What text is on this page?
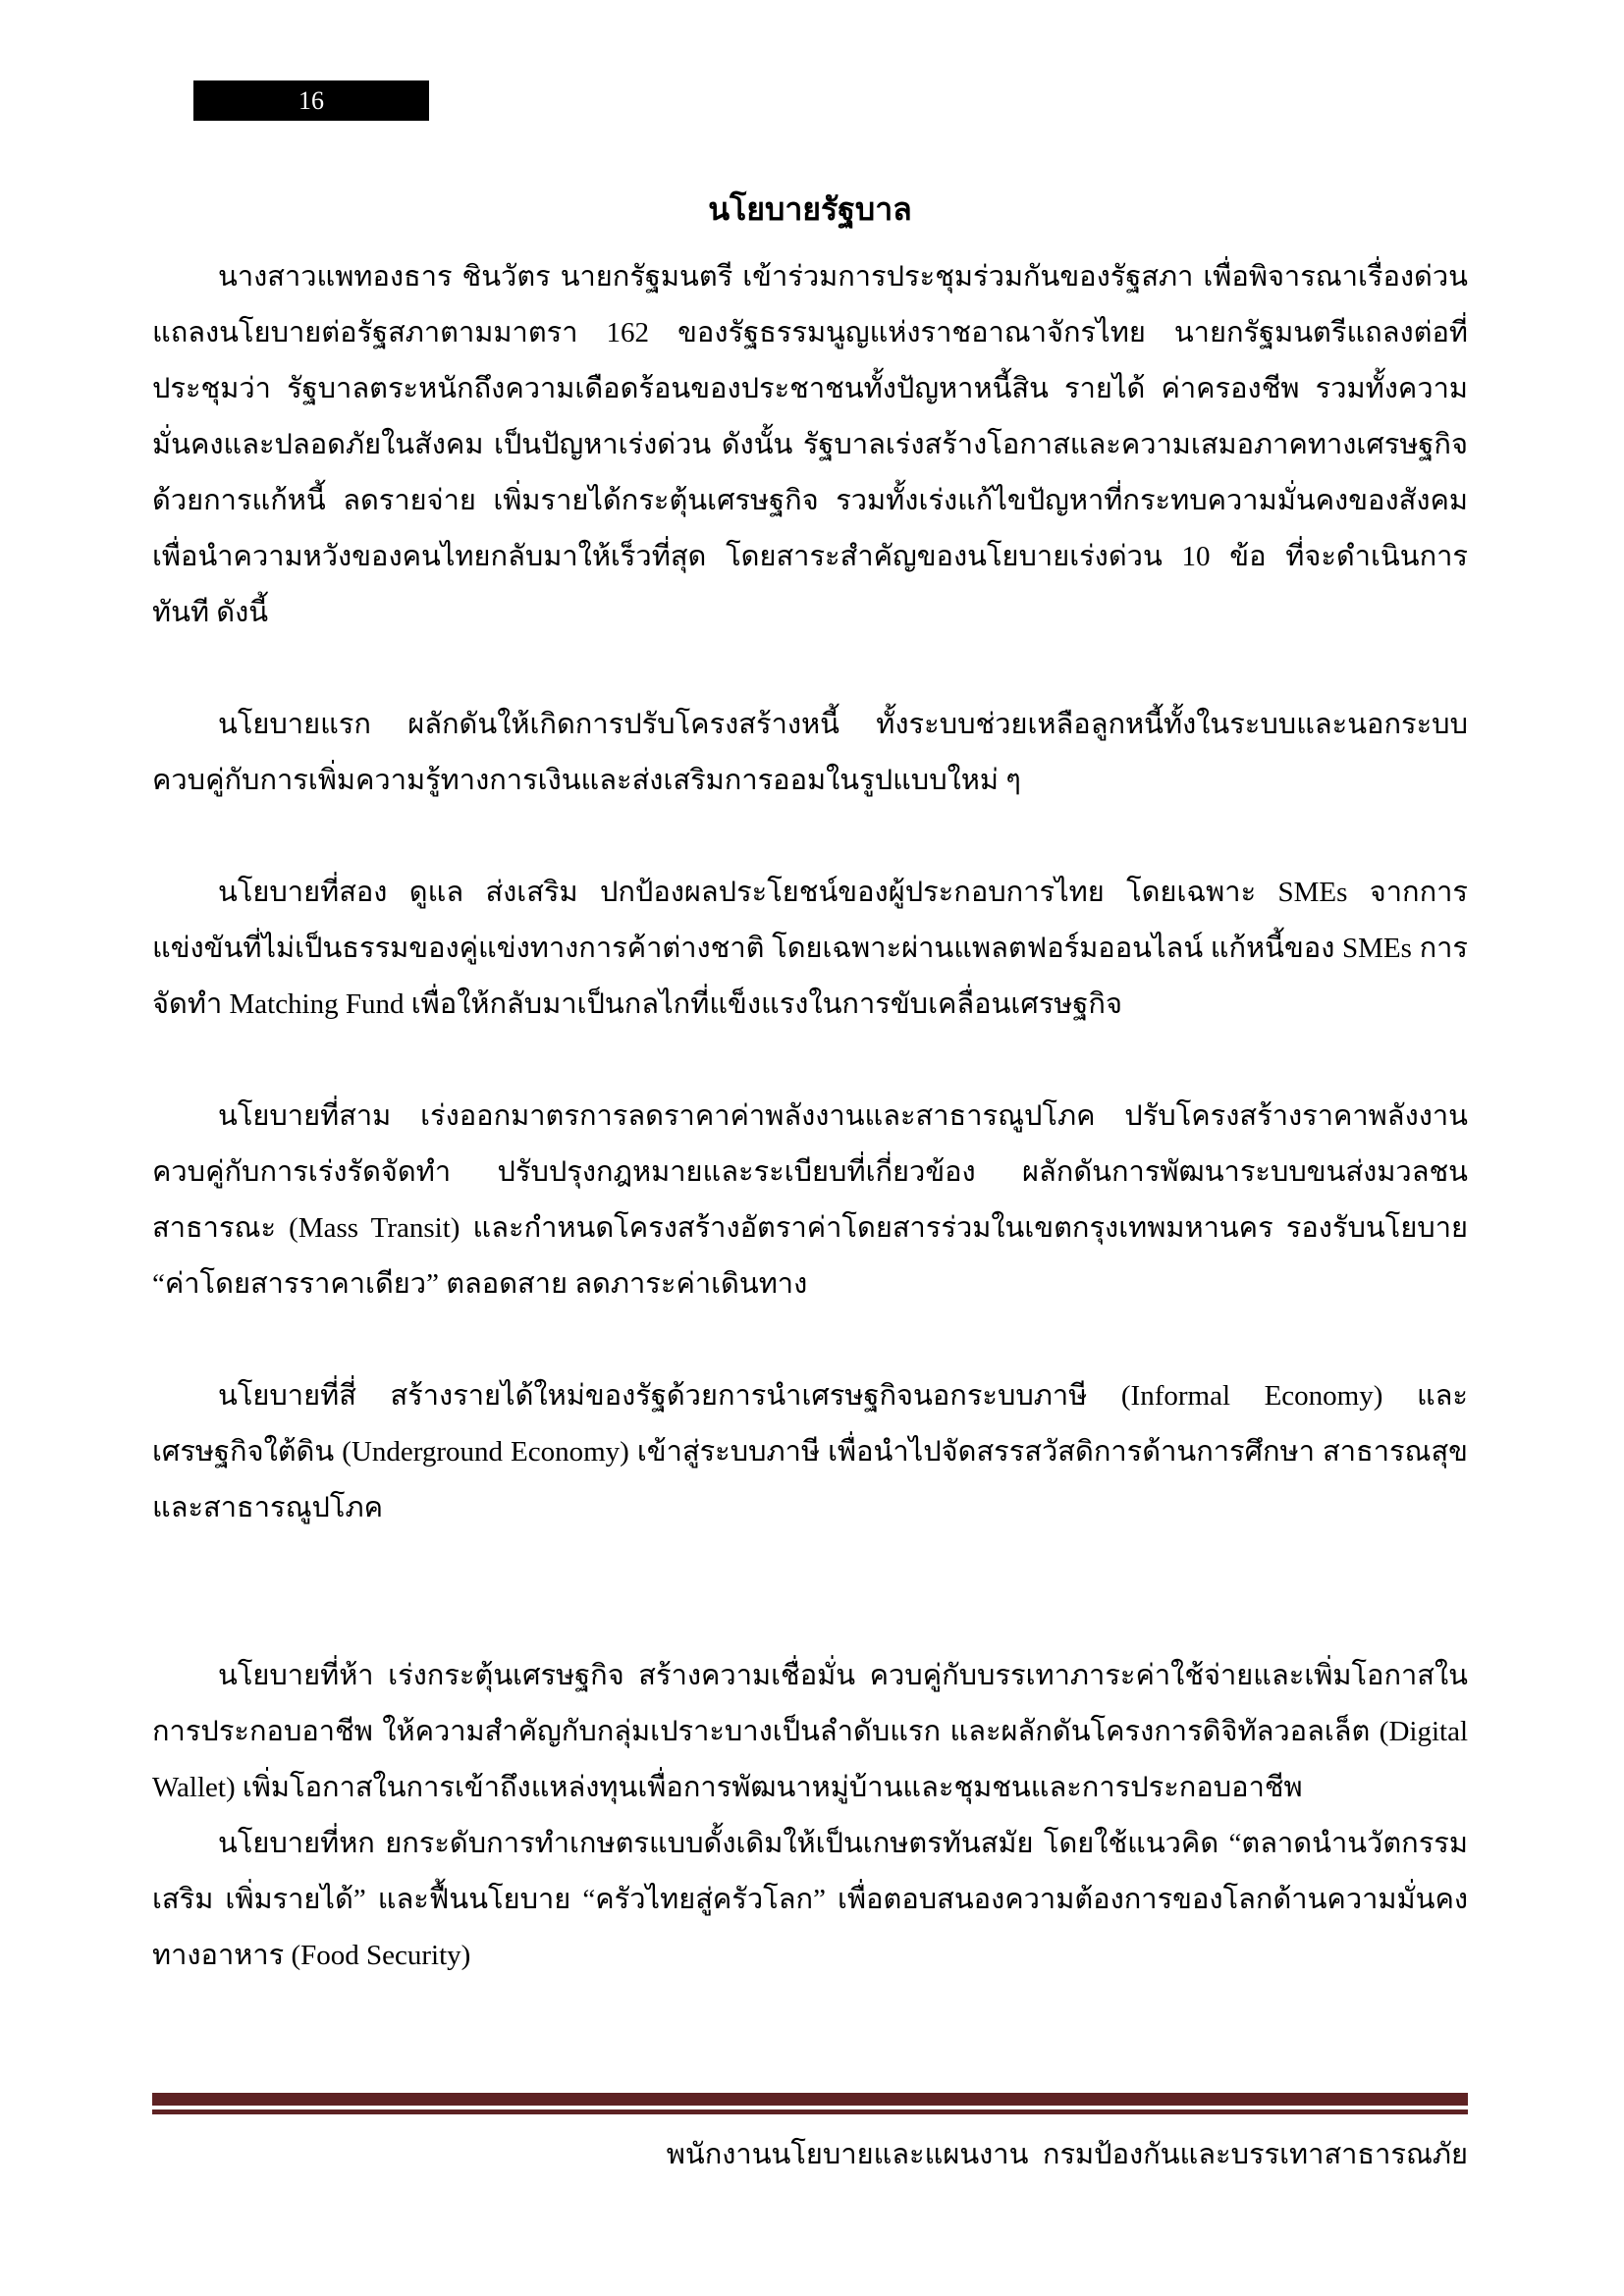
16
นโยบายรัฐบาล

นางสาวแพทองธาร ชินวัตร นายกรัฐมนตรี เข้าร่วมการประชุมร่วมกันของรัฐสภา เพื่อพิจารณาเรื่องด่วน แถลงนโยบายต่อรัฐสภาตามมาตรา 162 ของรัฐธรรมนูญแห่งราชอาณาจักรไทย นายกรัฐมนตรีแถลงต่อที่ประชุมว่า รัฐบาลตระหนักถึงความเดือดร้อนของประชาชนทั้งปัญหาหนี้สิน รายได้ ค่าครองชีพ รวมทั้งความมั่นคงและปลอดภัยในสังคม เป็นปัญหาเร่งด่วน ดังนั้น รัฐบาลเร่งสร้างโอกาสและความเสมอภาคทางเศรษฐกิจ ด้วยการแก้หนี้ ลดรายจ่าย เพิ่มรายได้กระตุ้นเศรษฐกิจ รวมทั้งเร่งแก้ไขปัญหาที่กระทบความมั่นคงของสังคม เพื่อนำความหวังของคนไทยกลับมาให้เร็วที่สุด โดยสาระสำคัญของนโยบายเร่งด่วน 10 ข้อ ที่จะดำเนินการทันที ดังนี้

นโยบายแรก ผลักดันให้เกิดการปรับโครงสร้างหนี้ ทั้งระบบช่วยเหลือลูกหนี้ทั้งในระบบและนอกระบบ ควบคู่กับการเพิ่มความรู้ทางการเงินและส่งเสริมการออมในรูปแบบใหม่ ๆ

นโยบายที่สอง ดูแล ส่งเสริม ปกป้องผลประโยชน์ของผู้ประกอบการไทย โดยเฉพาะ SMEs จากการแข่งขันที่ไม่เป็นธรรมของคู่แข่งทางการค้าต่างชาติ โดยเฉพาะผ่านแพลตฟอร์มออนไลน์ แก้หนี้ของ SMEs การจัดทำ Matching Fund เพื่อให้กลับมาเป็นกลไกที่แข็งแรงในการขับเคลื่อนเศรษฐกิจ

นโยบายที่สาม เร่งออกมาตรการลดราคาค่าพลังงานและสาธารณูปโภค ปรับโครงสร้างราคาพลังงานควบคู่กับการเร่งรัดจัดทำ ปรับปรุงกฎหมายและระเบียบที่เกี่ยวข้อง ผลักดันการพัฒนาระบบขนส่งมวลชนสาธารณะ (Mass Transit) และกำหนดโครงสร้างอัตราค่าโดยสารร่วมในเขตกรุงเทพมหานคร รองรับนโยบาย “ค่าโดยสารราคาเดียว” ตลอดสาย ลดภาระค่าเดินทาง

นโยบายที่สี่ สร้างรายได้ใหม่ของรัฐด้วยการนำเศรษฐกิจนอกระบบภาษี (Informal Economy) และเศรษฐกิจใต้ดิน (Underground Economy) เข้าสู่ระบบภาษี เพื่อนำไปจัดสรรสวัสดิการด้านการศึกษา สาธารณสุข และสาธารณูปโภค

นโยบายที่ห้า เร่งกระตุ้นเศรษฐกิจ สร้างความเชื่อมั่น ควบคู่กับบรรเทาภาระค่าใช้จ่ายและเพิ่มโอกาสในการประกอบอาชีพ ให้ความสำคัญกับกลุ่มเปราะบางเป็นลำดับแรก และผลักดันโครงการดิจิทัลวอลเล็ต (Digital Wallet) เพิ่มโอกาสในการเข้าถึงแหล่งทุนเพื่อการพัฒนาหมู่บ้านและชุมชนและการประกอบอาชีพ

นโยบายที่หก ยกระดับการทำเกษตรแบบดั้งเดิมให้เป็นเกษตรทันสมัย โดยใช้แนวคิด “ตลาดนำนวัตกรรมเสริม เพิ่มรายได้” และฟื้นนโยบาย “ครัวไทยสู่ครัวโลก” เพื่อตอบสนองความต้องการของโลกด้านความมั่นคงทางอาหาร (Food Security)

พนักงานนโยบายและแผนงาน  กรมป้องกันและบรรเทาสาธารณภัย
